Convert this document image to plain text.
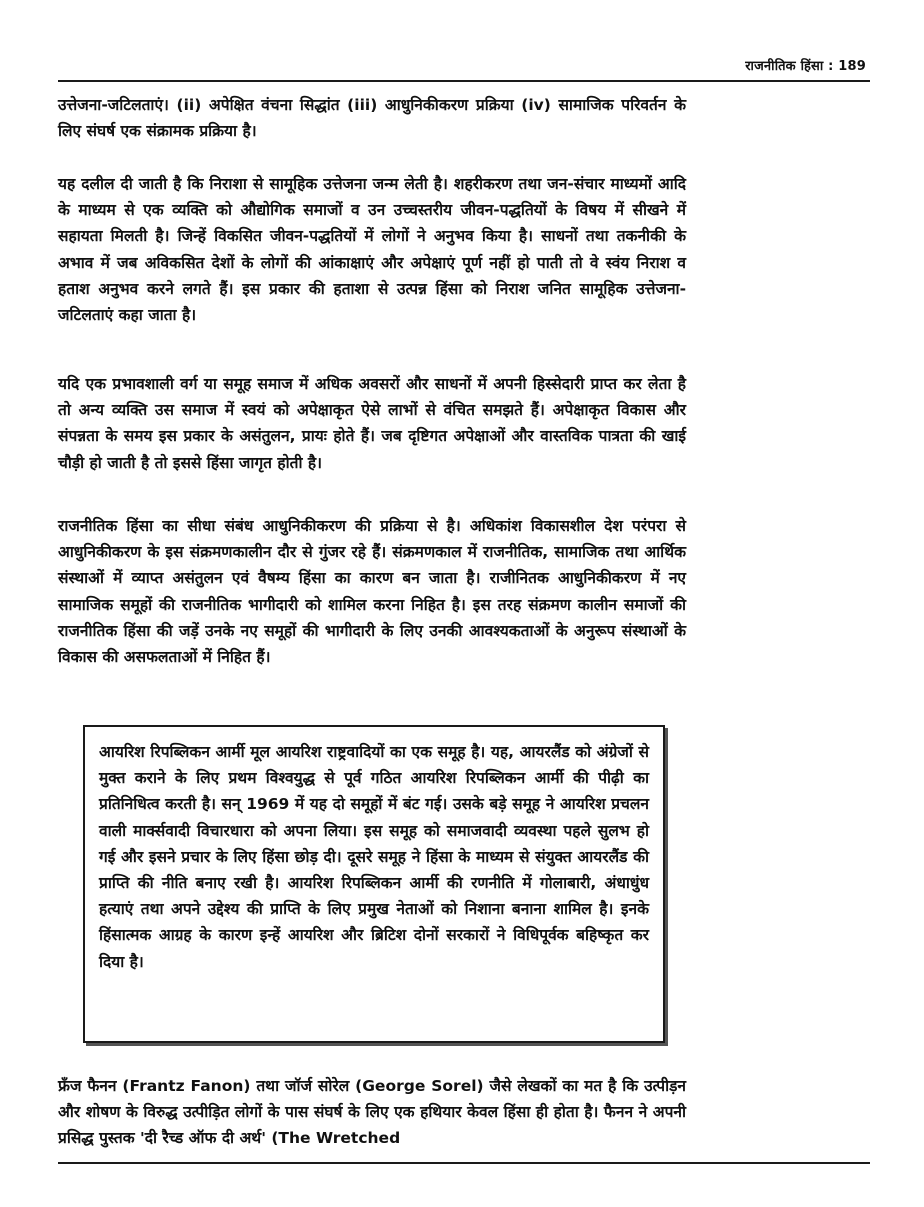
राजनीतिक हिंसा : 189

उत्तेजना-जटिलताएं। (ii) अपेक्षित वंचना सिद्धांत (iii) आधुनिकीकरण प्रक्रिया (iv) सामाजिक परिवर्तन के लिए संघर्ष एक संक्रामक प्रक्रिया है।

यह दलील दी जाती है कि निराशा से सामूहिक उत्तेजना जन्म लेती है। शहरीकरण तथा जन-संचार माध्यमों आदि के माध्यम से एक व्यक्ति को औद्योगिक समाजों व उन उच्चस्तरीय जीवन-पद्धतियों के विषय में सीखने में सहायता मिलती है। जिन्हें विकसित जीवन-पद्धतियों में लोगों ने अनुभव किया है। साधनों तथा तकनीकी के अभाव में जब अविकसित देशों के लोगों की आंकाक्षाएं और अपेक्षाएं पूर्ण नहीं हो पाती तो वे स्वंय निराश व हताश अनुभव करने लगते हैं। इस प्रकार की हताशा से उत्पन्न हिंसा को निराश जनित सामूहिक उत्तेजना-जटिलताएं कहा जाता है।

यदि एक प्रभावशाली वर्ग या समूह समाज में अधिक अवसरों और साधनों में अपनी हिस्सेदारी प्राप्त कर लेता है तो अन्य व्यक्ति उस समाज में स्वयं को अपेक्षाकृत ऐसे लाभों से वंचित समझते हैं। अपेक्षाकृत विकास और संपन्नता के समय इस प्रकार के असंतुलन, प्रायः होते हैं। जब दृष्टिगत अपेक्षाओं और वास्तविक पात्रता की खाई चौड़ी हो जाती है तो इससे हिंसा जागृत होती है।

राजनीतिक हिंसा का सीधा संबंध आधुनिकीकरण की प्रक्रिया से है। अधिकांश विकासशील देश परंपरा से आधुनिकीकरण के इस संक्रमणकालीन दौर से गुंजर रहे हैं। संक्रमणकाल में राजनीतिक, सामाजिक तथा आर्थिक संस्थाओं में व्याप्त असंतुलन एवं वैषम्य हिंसा का कारण बन जाता है। राजीनितक आधुनिकीकरण में नए सामाजिक समूहों की राजनीतिक भागीदारी को शामिल करना निहित है। इस तरह संक्रमण कालीन समाजों की राजनीतिक हिंसा की जड़ें उनके नए समूहों की भागीदारी के लिए उनकी आवश्यकताओं के अनुरूप संस्थाओं के विकास की असफलताओं में निहित हैं।

आयरिश रिपब्लिकन आर्मी मूल आयरिश राष्ट्रवादियों का एक समूह है। यह, आयरलैंड को अंग्रेजों से मुक्त कराने के लिए प्रथम विश्वयुद्ध से पूर्व गठित आयरिश रिपब्लिकन आर्मी की पीढ़ी का प्रतिनिधित्व करती है। सन् 1969 में यह दो समूहों में बंट गई। उसके बड़े समूह ने आयरिश प्रचलन वाली मार्क्सवादी विचारधारा को अपना लिया। इस समूह को समाजवादी व्यवस्था पहले सुलभ हो गई और इसने प्रचार के लिए हिंसा छोड़ दी। दूसरे समूह ने हिंसा के माध्यम से संयुक्त आयरलैंड की प्राप्ति की नीति बनाए रखी है। आयरिश रिपब्लिकन आर्मी की रणनीति में गोलाबारी, अंधाधुंध हत्याएं तथा अपने उद्देश्य की प्राप्ति के लिए प्रमुख नेताओं को निशाना बनाना शामिल है। इनके हिंसात्मक आग्रह के कारण इन्हें आयरिश और ब्रिटिश दोनों सरकारों ने विधिपूर्वक बहिष्कृत कर दिया है।

फ्रँज फैनन (Frantz Fanon) तथा जॉर्ज सोरेल (George Sorel) जैसे लेखकों का मत है कि उत्पीड़न और शोषण के विरुद्ध उत्पीड़ित लोगों के पास संघर्ष के लिए एक हथियार केवल हिंसा ही होता है। फैनन ने अपनी प्रसिद्ध पुस्तक 'दी रैच्ड ऑफ दी अर्थ' (The Wretched
